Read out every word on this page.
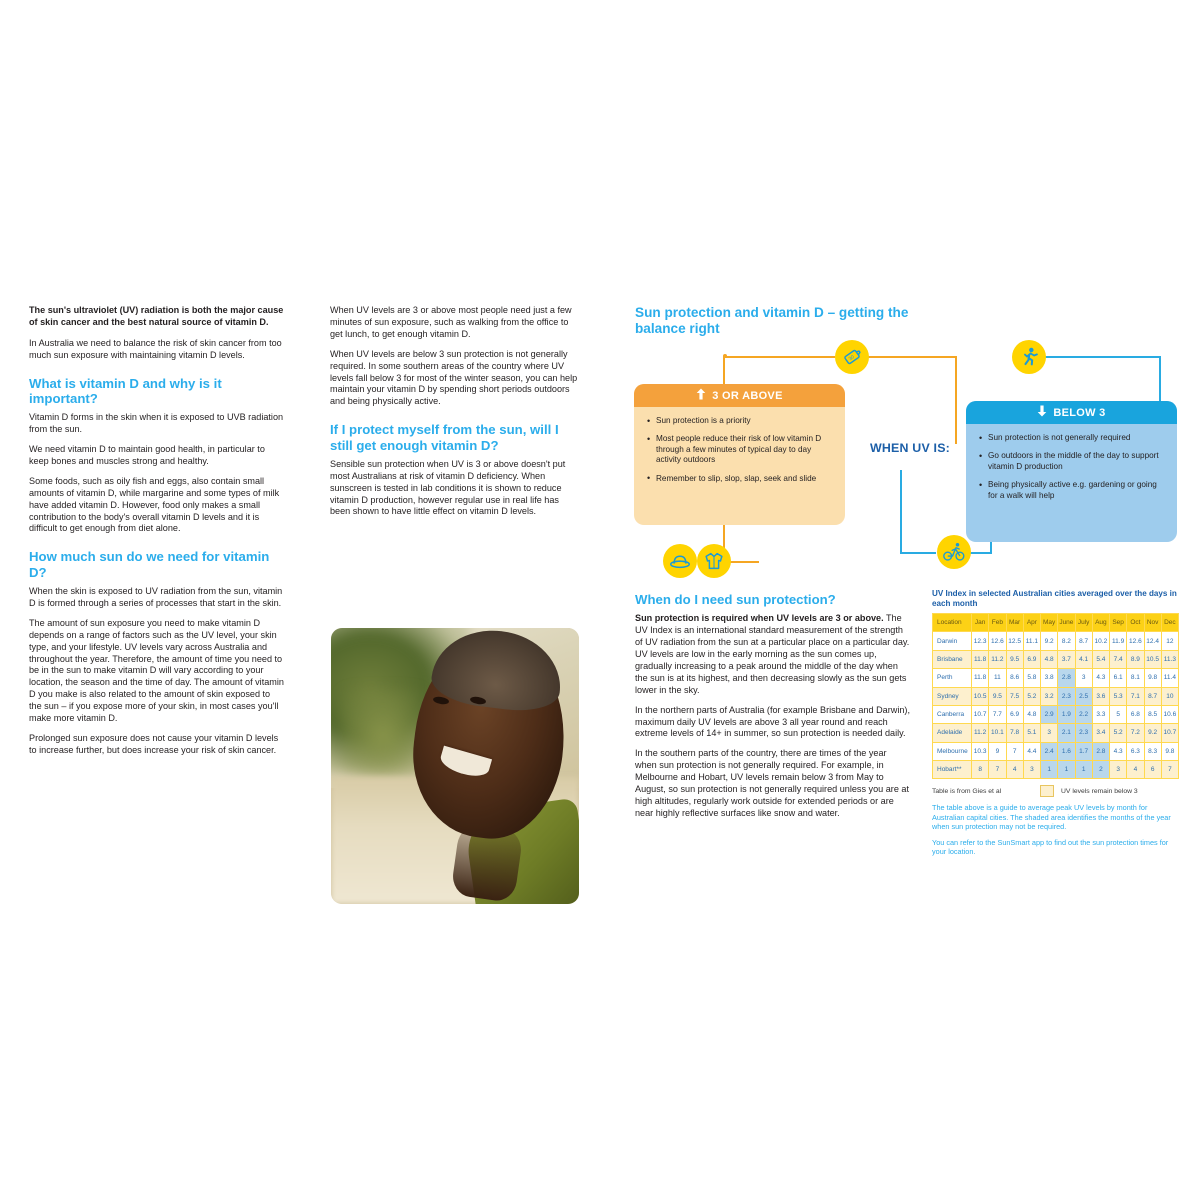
The sun's ultraviolet (UV) radiation is both the major cause of skin cancer and the best natural source of vitamin D.

In Australia we need to balance the risk of skin cancer from too much sun exposure with maintaining vitamin D levels.

What is vitamin D and why is it important?

Vitamin D forms in the skin when it is exposed to UVB radiation from the sun.

We need vitamin D to maintain good health, in particular to keep bones and muscles strong and healthy.

Some foods, such as oily fish and eggs, also contain small amounts of vitamin D, while margarine and some types of milk have added vitamin D. However, food only makes a small contribution to the body's overall vitamin D levels and it is difficult to get enough from diet alone.

How much sun do we need for vitamin D?

When the skin is exposed to UV radiation from the sun, vitamin D is formed through a series of processes that start in the skin.

The amount of sun exposure you need to make vitamin D depends on a range of factors such as the UV level, your skin type, and your lifestyle. UV levels vary across Australia and throughout the year. Therefore, the amount of time you need to be in the sun to make vitamin D will vary according to your location, the season and the time of day. The amount of vitamin D you make is also related to the amount of skin exposed to the sun – if you expose more of your skin, in most cases you'll make more vitamin D.

Prolonged sun exposure does not cause your vitamin D levels to increase further, but does increase your risk of skin cancer.

When UV levels are 3 or above most people need just a few minutes of sun exposure, such as walking from the office to get lunch, to get enough vitamin D.

When UV levels are below 3 sun protection is not generally required. In some southern areas of the country where UV levels fall below 3 for most of the winter season, you can help maintain your vitamin D by spending short periods outdoors and being physically active.

If I protect myself from the sun, will I still get enough vitamin D?

Sensible sun protection when UV is 3 or above doesn't put most Australians at risk of vitamin D deficiency. When sunscreen is tested in lab conditions it is shown to reduce vitamin D production, however regular use in real life has been shown to have little effect on vitamin D levels.

Sun protection and vitamin D – getting the balance right
30
3 OR ABOVE
• Sun protection is a priority
• Most people reduce their risk of low vitamin D through a few minutes of typical day to day activity outdoors
• Remember to slip, slop, slap, seek and slide
BELOW 3
• Sun protection is not generally required
• Go outdoors in the middle of the day to support vitamin D production
• Being physically active e.g. gardening or going for a walk will help
WHEN UV IS:
When do I need sun protection?

Sun protection is required when UV levels are 3 or above. The UV Index is an international standard measurement of the strength of UV radiation from the sun at a particular place on a particular day. UV levels are low in the early morning as the sun comes up, gradually increasing to a peak around the middle of the day when the sun is at its highest, and then decreasing slowly as the sun gets lower in the sky.

In the northern parts of Australia (for example Brisbane and Darwin), maximum daily UV levels are above 3 all year round and reach extreme levels of 14+ in summer, so sun protection is needed daily.

In the southern parts of the country, there are times of the year when sun protection is not generally required. For example, in Melbourne and Hobart, UV levels remain below 3 from May to August, so sun protection is not generally required unless you are at high altitudes, regularly work outside for extended periods or are near highly reflective surfaces like snow and water.

UV Index in selected Australian cities averaged over the days in each month
Location	Jan	Feb	Mar	Apr	May	June	July	Aug	Sep	Oct	Nov	Dec
Darwin	12.3	12.6	12.5	11.1	9.2	8.2	8.7	10.2	11.9	12.6	12.4	12
Brisbane	11.8	11.2	9.5	6.9	4.8	3.7	4.1	5.4	7.4	8.9	10.5	11.3
Perth	11.8	11	8.6	5.8	3.8	2.8	3	4.3	6.1	8.1	9.8	11.4
Sydney	10.5	9.5	7.5	5.2	3.2	2.3	2.5	3.6	5.3	7.1	8.7	10
Canberra	10.7	7.7	6.9	4.8	2.9	1.9	2.2	3.3	5	6.8	8.5	10.6
Adelaide	11.2	10.1	7.8	5.1	3	2.1	2.3	3.4	5.2	7.2	9.2	10.7
Melbourne	10.3	9	7	4.4	2.4	1.6	1.7	2.8	4.3	6.3	8.3	9.8
Hobart**	8	7	4	3	1	1	1	2	3	4	6	7
Table is from Gies et al	UV levels remain below 3

The table above is a guide to average peak UV levels by month for Australian capital cities. The shaded area identifies the months of the year when sun protection may not be required.

You can refer to the SunSmart app to find out the sun protection times for your location.
